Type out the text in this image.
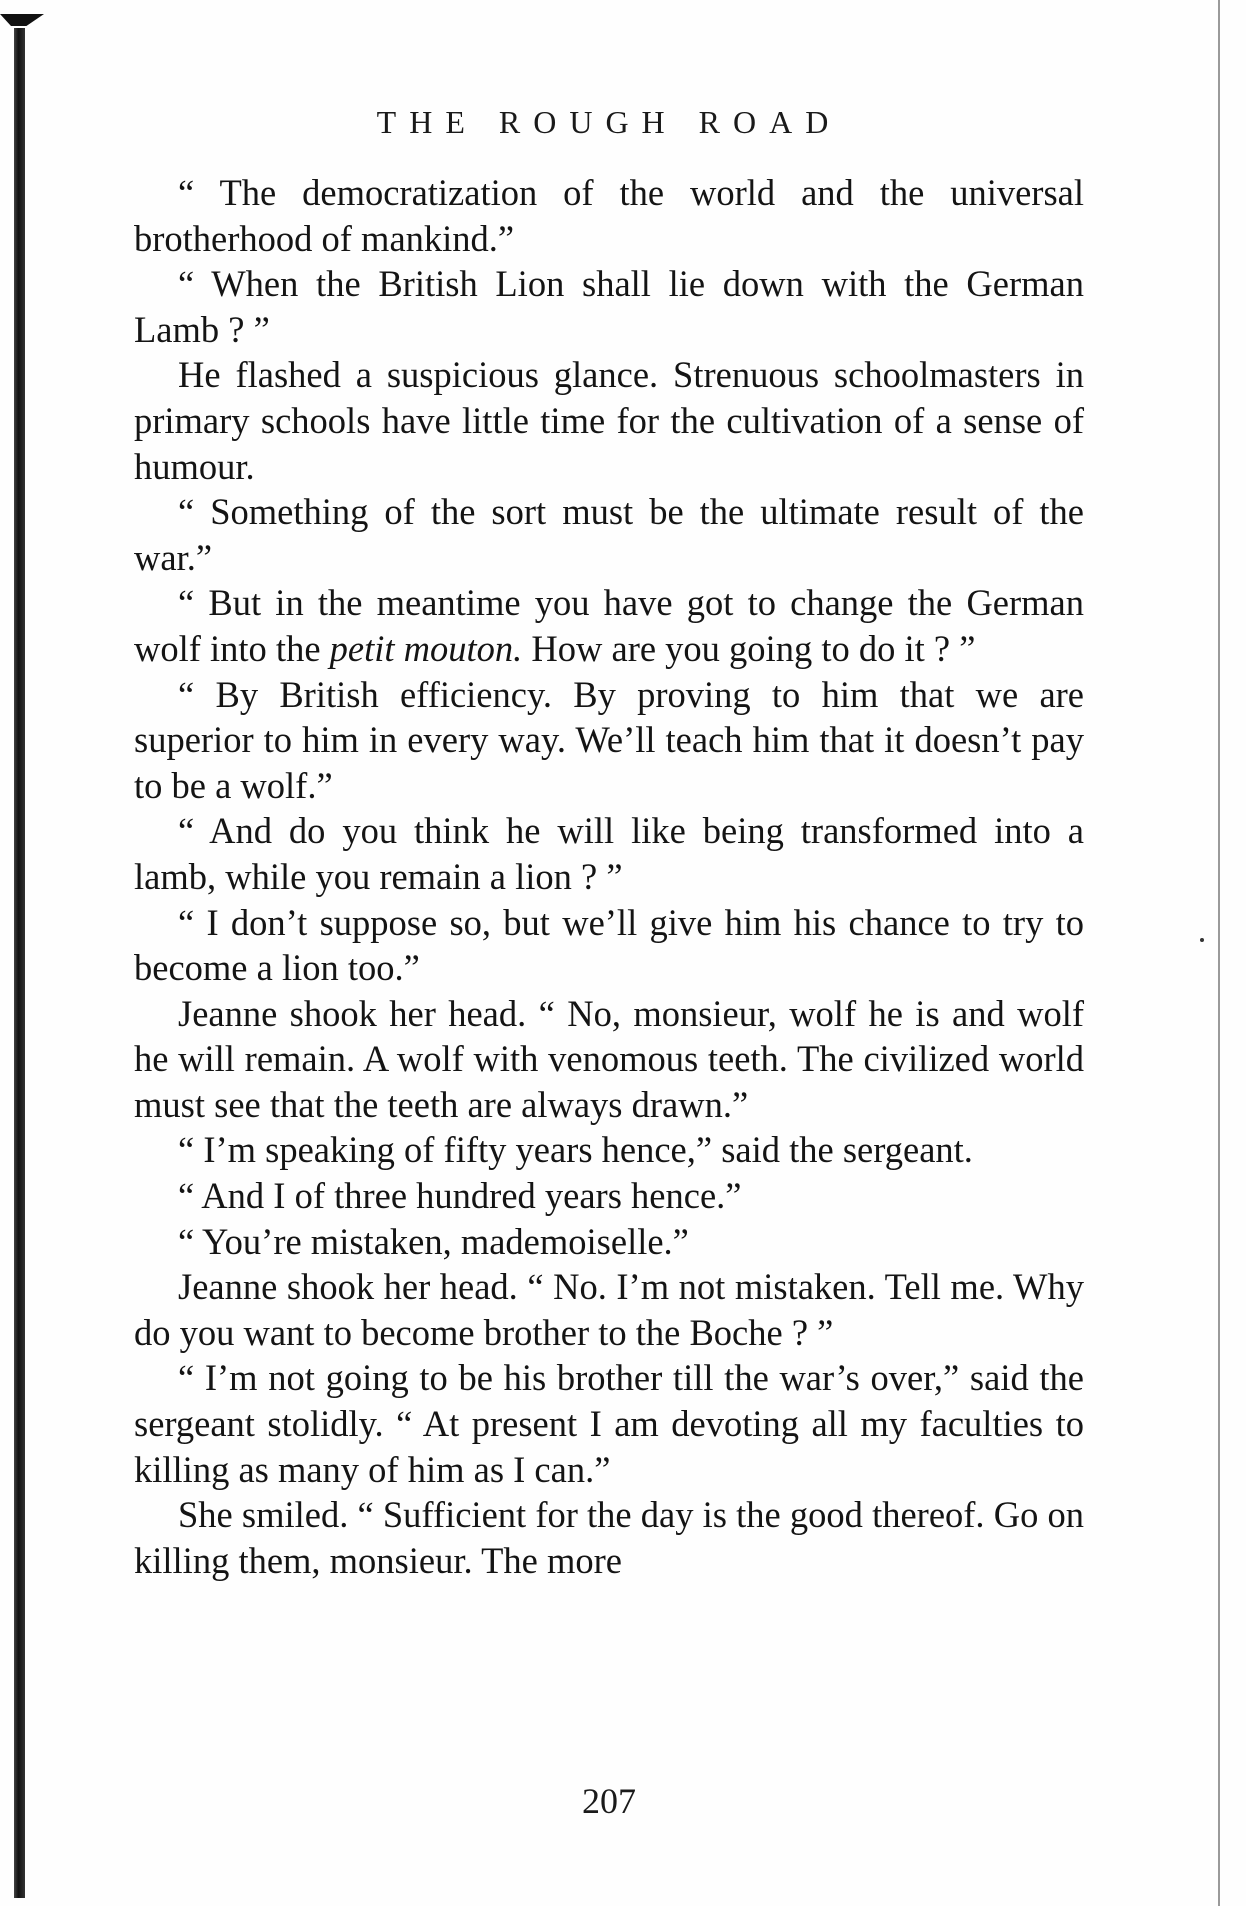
THE ROUGH ROAD

“ The democratization of the world and the universal brotherhood of mankind.”

“ When the British Lion shall lie down with the German Lamb ? ”

He flashed a suspicious glance. Strenuous schoolmasters in primary schools have little time for the cultivation of a sense of humour.

“ Something of the sort must be the ultimate result of the war.”

“ But in the meantime you have got to change the German wolf into the petit mouton. How are you going to do it ? ”

“ By British efficiency. By proving to him that we are superior to him in every way. We’ll teach him that it doesn’t pay to be a wolf.”

“ And do you think he will like being transformed into a lamb, while you remain a lion ? ”

“ I don’t suppose so, but we’ll give him his chance to try to become a lion too.”

Jeanne shook her head. “ No, monsieur, wolf he is and wolf he will remain. A wolf with venomous teeth. The civilized world must see that the teeth are always drawn.”

“ I’m speaking of fifty years hence,” said the sergeant.

“ And I of three hundred years hence.”

“ You’re mistaken, mademoiselle.”

Jeanne shook her head. “ No. I’m not mistaken. Tell me. Why do you want to become brother to the Boche ? ”

“ I’m not going to be his brother till the war’s over,” said the sergeant stolidly. “ At present I am devoting all my faculties to killing as many of him as I can.”

She smiled. “ Sufficient for the day is the good thereof. Go on killing them, monsieur. The more

207
